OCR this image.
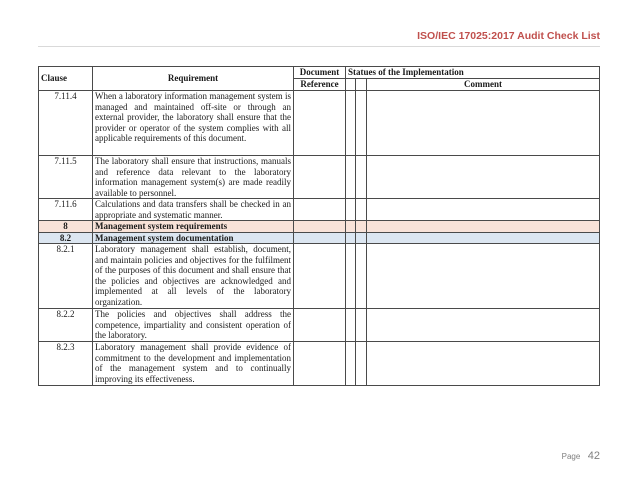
ISO/IEC 17025:2017 Audit Check List
Clause	Requirement	Document	Statues of the Implementation		
		Reference			Comment
7.11.4	When a laboratory information management system is managed and maintained off-site or through an external provider, the laboratory shall ensure that the provider or operator of the system complies with all applicable requirements of this document.				
7.11.5	The laboratory shall ensure that instructions, manuals and reference data relevant to the laboratory information management system(s) are made readily available to personnel.				
7.11.6	Calculations and data transfers shall be checked in an appropriate and systematic manner.				
8	Management system requirements				
8.2	Management system documentation				
8.2.1	Laboratory management shall establish, document, and maintain policies and objectives for the fulfilment of the purposes of this document and shall ensure that the policies and objectives are acknowledged and implemented at all levels of the laboratory organization.				
8.2.2	The policies and objectives shall address the competence, impartiality and consistent operation of the laboratory.				
8.2.3	Laboratory management shall provide evidence of commitment to the development and implementation of the management system and to continually improving its effectiveness.				
Page 42
